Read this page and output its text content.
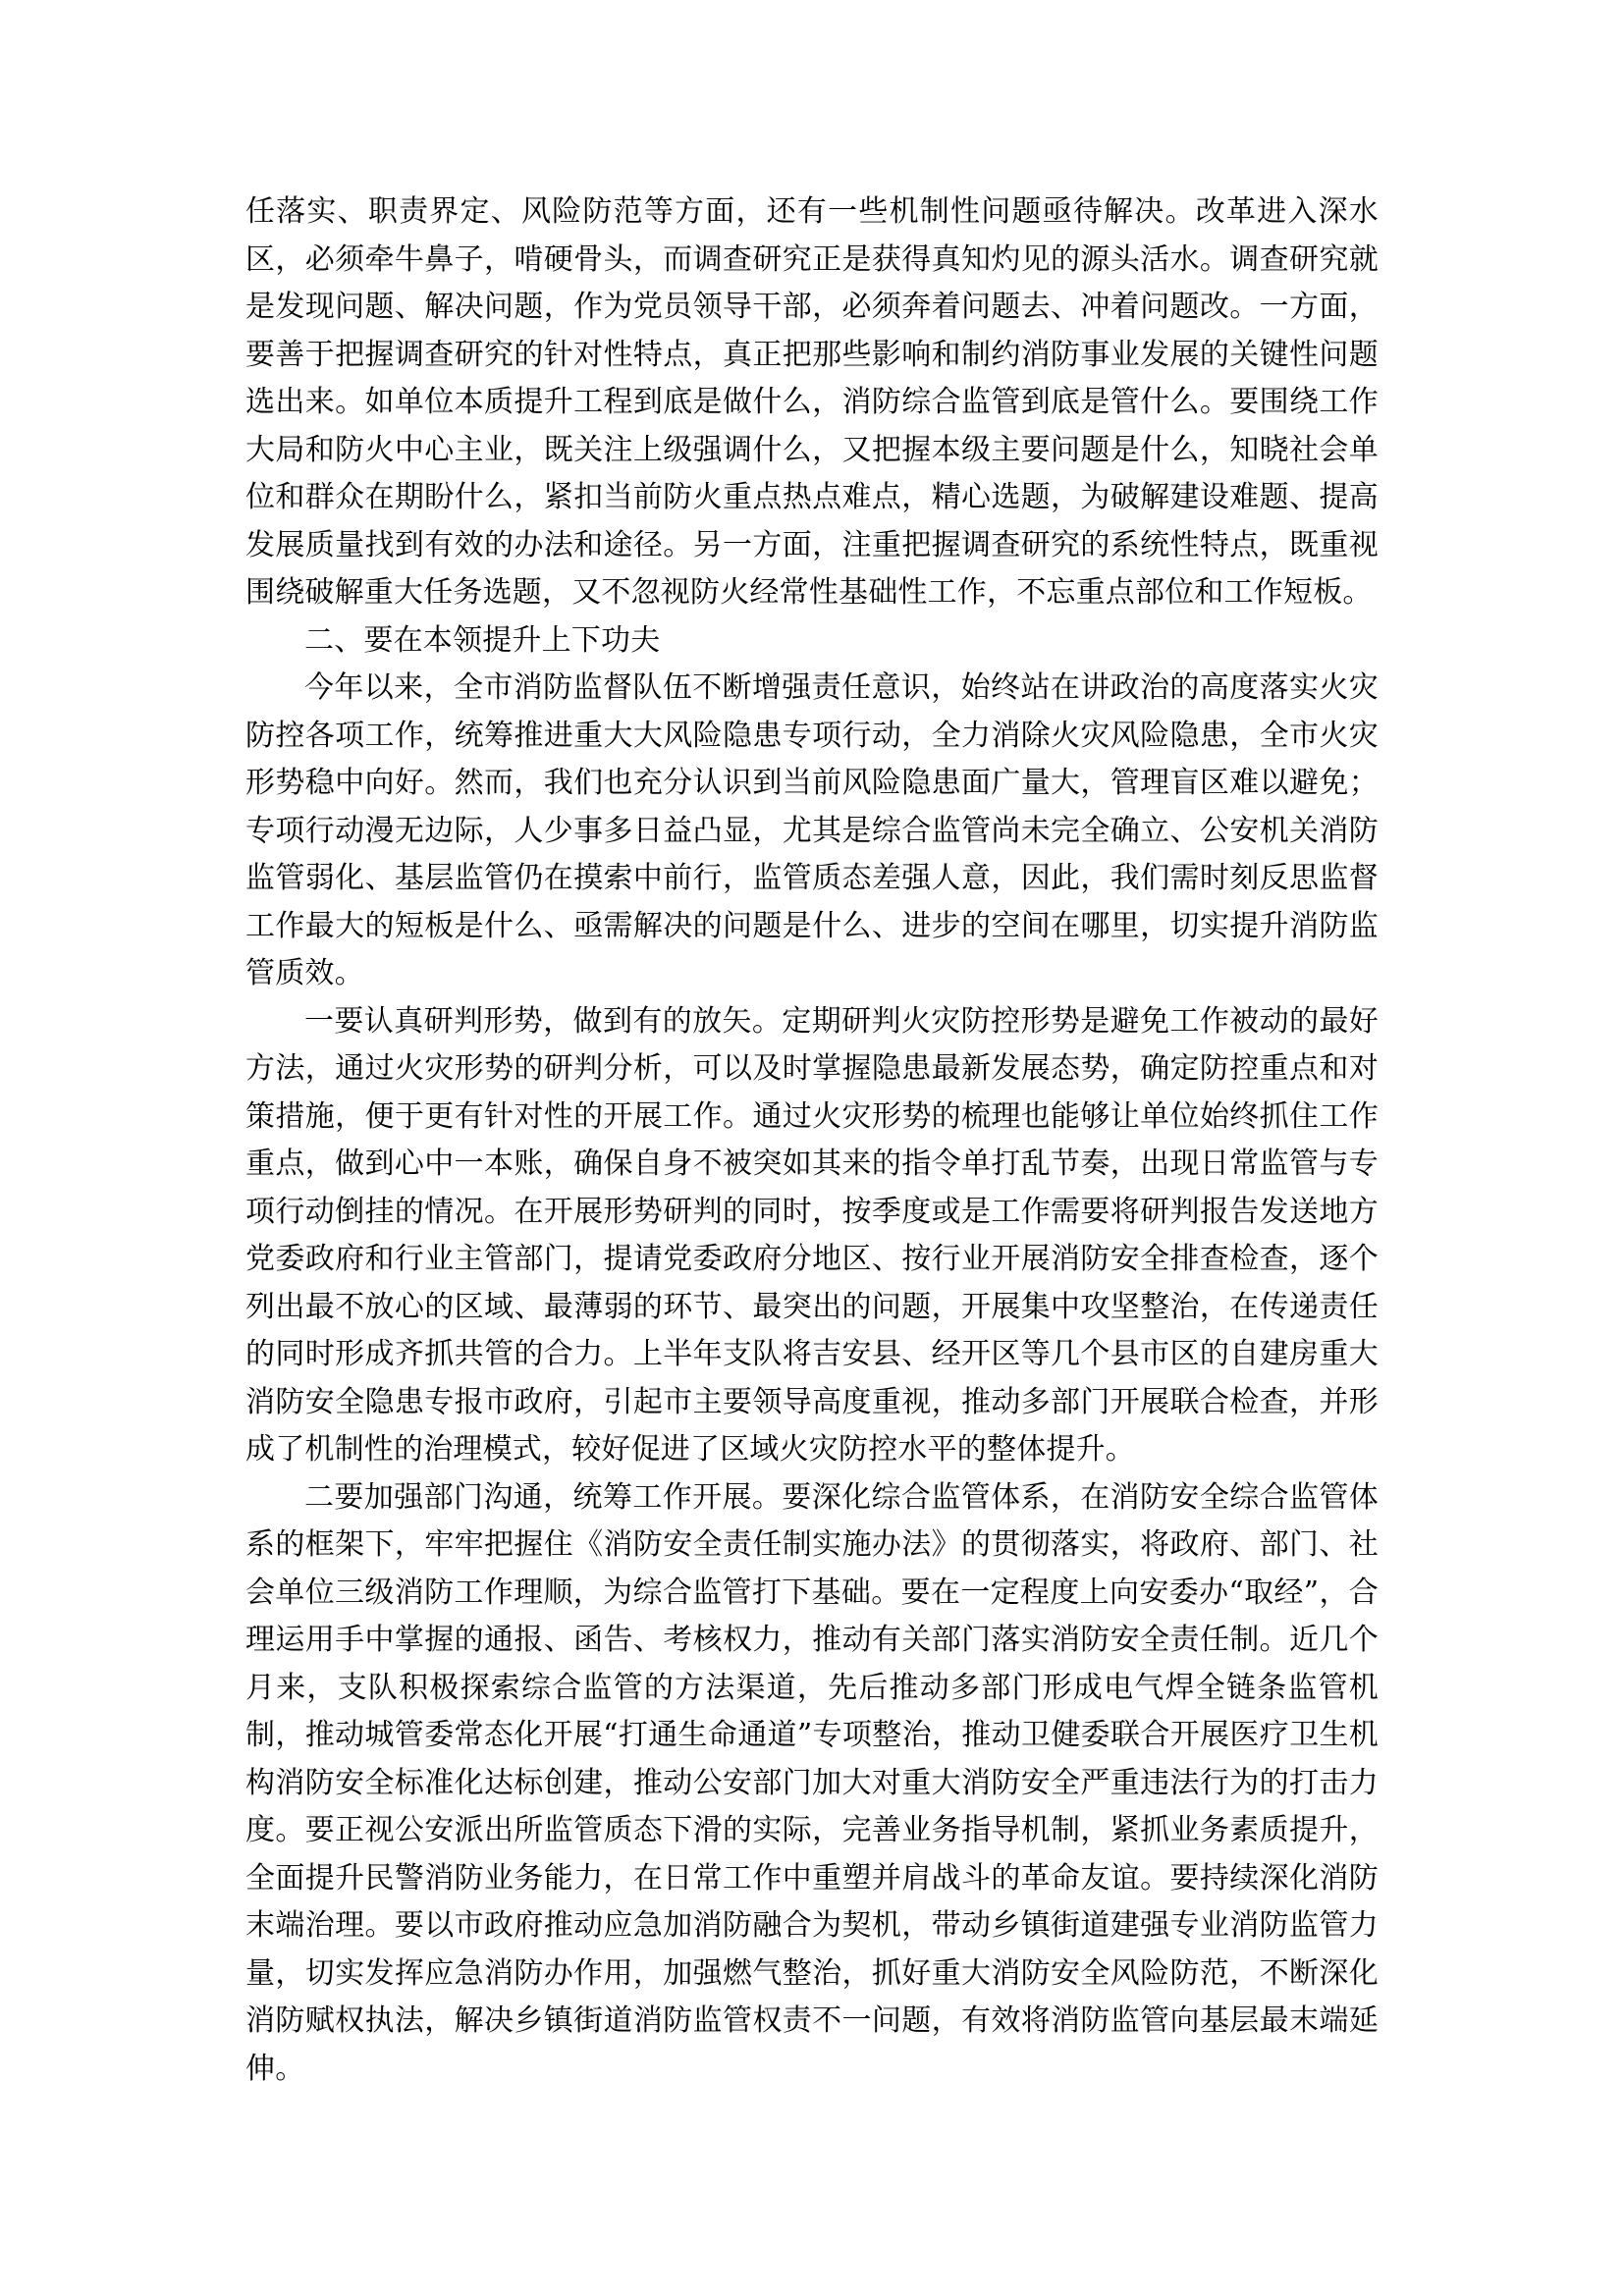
任落实、职责界定、风险防范等方面，还有一些机制性问题亟待解决。改革进入深水区，必须牵牛鼻子，啃硬骨头，而调查研究正是获得真知灼见的源头活水。调查研究就是发现问题、解决问题，作为党员领导干部，必须奔着问题去、冲着问题改。一方面，要善于把握调查研究的针对性特点，真正把那些影响和制约消防事业发展的关键性问题选出来。如单位本质提升工程到底是做什么，消防综合监管到底是管什么。要围绕工作大局和防火中心主业，既关注上级强调什么，又把握本级主要问题是什么，知晓社会单位和群众在期盼什么，紧扣当前防火重点热点难点，精心选题，为破解建设难题、提高发展质量找到有效的办法和途径。另一方面，注重把握调查研究的系统性特点，既重视围绕破解重大任务选题，又不忽视防火经常性基础性工作，不忘重点部位和工作短板。

二、要在本领提升上下功夫

今年以来，全市消防监督队伍不断增强责任意识，始终站在讲政治的高度落实火灾防控各项工作，统筹推进重大大风险隐患专项行动，全力消除火灾风险隐患，全市火灾形势稳中向好。然而，我们也充分认识到当前风险隐患面广量大，管理盲区难以避免；专项行动漫无边际，人少事多日益凸显，尤其是综合监管尚未完全确立、公安机关消防监管弱化、基层监管仍在摸索中前行，监管质态差强人意，因此，我们需时刻反思监督工作最大的短板是什么、亟需解决的问题是什么、进步的空间在哪里，切实提升消防监管质效。

一要认真研判形势，做到有的放矢。定期研判火灾防控形势是避免工作被动的最好方法，通过火灾形势的研判分析，可以及时掌握隐患最新发展态势，确定防控重点和对策措施，便于更有针对性的开展工作。通过火灾形势的梳理也能够让单位始终抓住工作重点，做到心中一本账，确保自身不被突如其来的指令单打乱节奏，出现日常监管与专项行动倒挂的情况。在开展形势研判的同时，按季度或是工作需要将研判报告发送地方党委政府和行业主管部门，提请党委政府分地区、按行业开展消防安全排查检查，逐个列出最不放心的区域、最薄弱的环节、最突出的问题，开展集中攻坚整治，在传递责任的同时形成齐抓共管的合力。上半年支队将吉安县、经开区等几个县市区的自建房重大消防安全隐患专报市政府，引起市主要领导高度重视，推动多部门开展联合检查，并形成了机制性的治理模式，较好促进了区域火灾防控水平的整体提升。

二要加强部门沟通，统筹工作开展。要深化综合监管体系，在消防安全综合监管体系的框架下，牢牢把握住《消防安全责任制实施办法》的贯彻落实，将政府、部门、社会单位三级消防工作理顺，为综合监管打下基础。要在一定程度上向安委办“取经”，合理运用手中掌握的通报、函告、考核权力，推动有关部门落实消防安全责任制。近几个月来，支队积极探索综合监管的方法渠道，先后推动多部门形成电气焊全链条监管机制，推动城管委常态化开展“打通生命通道”专项整治，推动卫健委联合开展医疗卫生机构消防安全标准化达标创建，推动公安部门加大对重大消防安全严重违法行为的打击力度。要正视公安派出所监管质态下滑的实际，完善业务指导机制，紧抓业务素质提升，全面提升民警消防业务能力，在日常工作中重塑并肩战斗的革命友谊。要持续深化消防末端治理。要以市政府推动应急加消防融合为契机，带动乡镇街道建强专业消防监管力量，切实发挥应急消防办作用，加强燃气整治，抓好重大消防安全风险防范，不断深化消防赋权执法，解决乡镇街道消防监管权责不一问题，有效将消防监管向基层最末端延伸。
